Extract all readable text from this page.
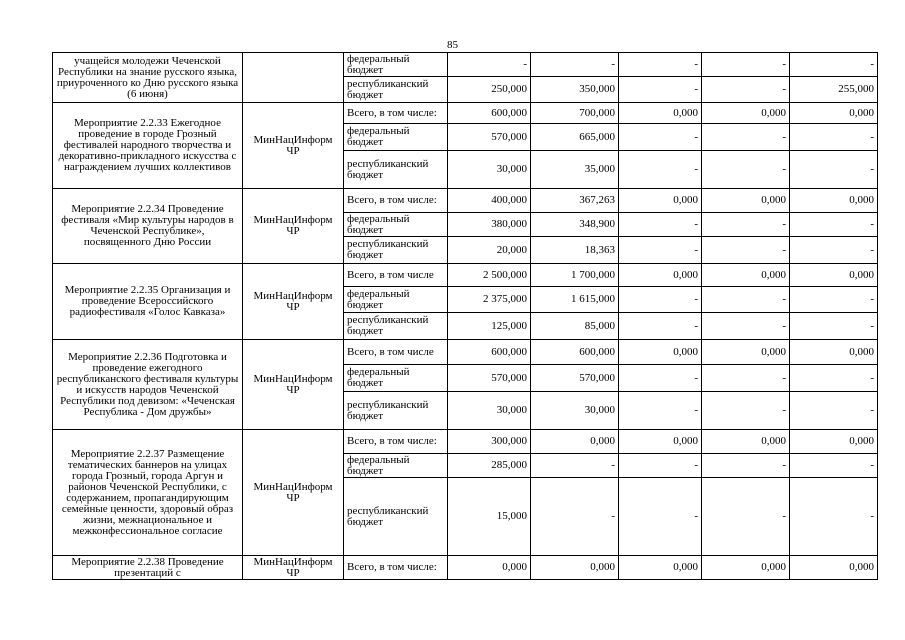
85
учащейся молодежи Чеченской Республики на знание русского языка, приуроченного ко Дню русского языка (6 июня)		федеральный бюджет	-	-	-	-	-
		республиканский бюджет	250,000	350,000	-	-	255,000
Мероприятие 2.2.33 Ежегодное проведение в городе Грозный фестивалей народного творчества и декоративно-прикладного искусства с награждением лучших коллективов	МинНацИнформ ЧР	Всего, в том числе:	600,000	700,000	0,000	0,000	0,000
		федеральный бюджет	570,000	665,000	-	-	-
		республиканский бюджет	30,000	35,000	-	-	-
Мероприятие 2.2.34 Проведение фестиваля «Мир культуры народов в Чеченской Республике», посвященного Дню России	МинНацИнформ ЧР	Всего, в том числе:	400,000	367,263	0,000	0,000	0,000
		федеральный бюджет	380,000	348,900	-	-	-
		республиканский бюджет	20,000	18,363	-	-	-
Мероприятие 2.2.35 Организация и проведение Всероссийского радиофестиваля «Голос Кавказа»	МинНацИнформ ЧР	Всего, в том числе	2 500,000	1 700,000	0,000	0,000	0,000
		федеральный бюджет	2 375,000	1 615,000	-	-	-
		республиканский бюджет	125,000	85,000	-	-	-
Мероприятие 2.2.36 Подготовка и проведение ежегодного республиканского фестиваля культуры и искусств народов Чеченской Республики под девизом: «Чеченская Республика - Дом дружбы»	МинНацИнформ ЧР	Всего, в том числе	600,000	600,000	0,000	0,000	0,000
		федеральный бюджет	570,000	570,000	-	-	-
		республиканский бюджет	30,000	30,000	-	-	-
Мероприятие 2.2.37 Размещение тематических баннеров на улицах города Грозный, города Аргун и районов Чеченской Республики, с содержанием, пропагандирующим семейные ценности, здоровый образ жизни, межнациональное и межконфессиональное согласие	МинНацИнформ ЧР	Всего, в том числе:	300,000	0,000	0,000	0,000	0,000
		федеральный бюджет	285,000	-	-	-	-
		республиканский бюджет	15,000	-	-	-	-
Мероприятие 2.2.38 Проведение презентаций с	МинНацИнформ ЧР	Всего, в том числе:	0,000	0,000	0,000	0,000	0,000
